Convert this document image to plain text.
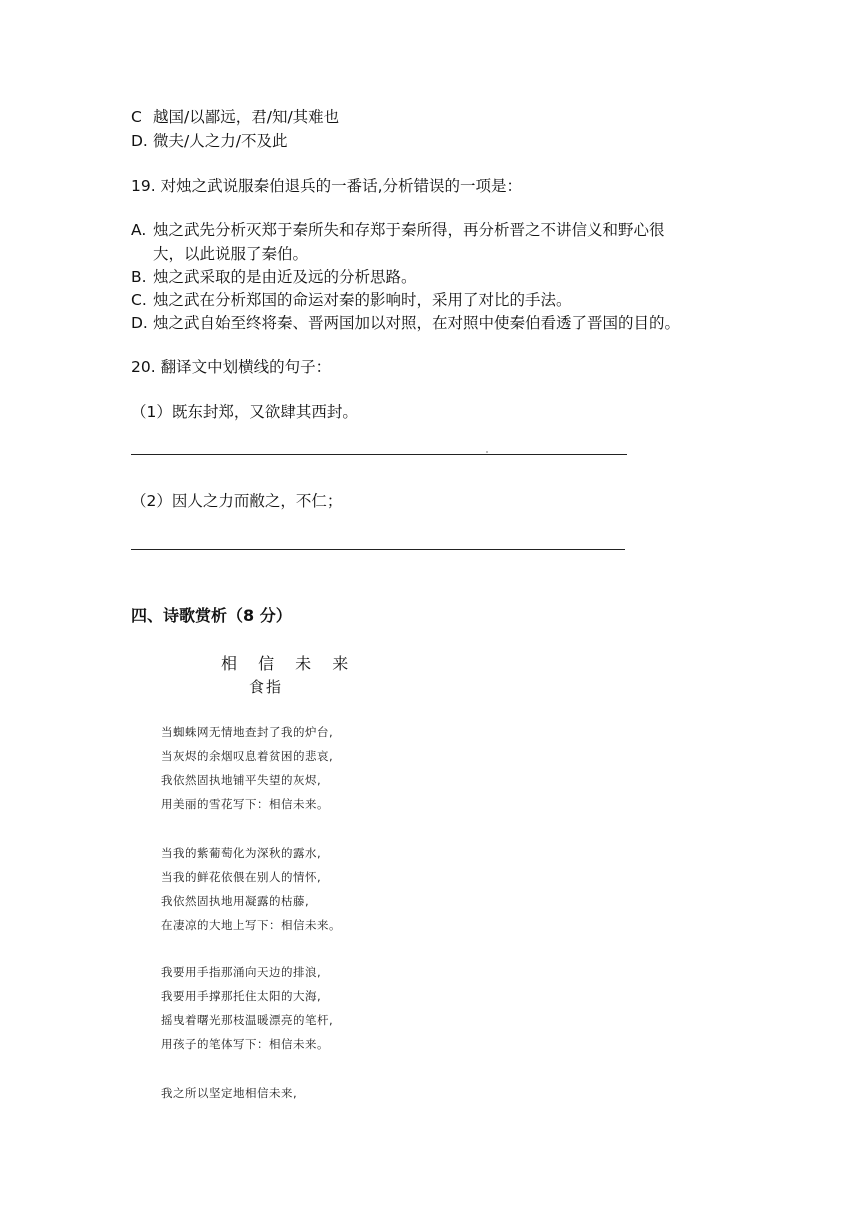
C 越国/以鄙远，君/知/其难也
D. 微夫/人之力/不及此
19. 对烛之武说服秦伯退兵的一番话,分析错误的一项是：
A. 烛之武先分析灭郑于秦所失和存郑于秦所得，再分析晋之不讲信义和野心很
大，以此说服了秦伯。
B. 烛之武采取的是由近及远的分析思路。
C. 烛之武在分析郑国的命运对秦的影响时，采用了对比的手法。
D. 烛之武自始至终将秦、晋两国加以对照，在对照中使秦伯看透了晋国的目的。
20. 翻译文中划横线的句子：
（1）既东封郑，又欲肆其西封。
（2）因人之力而敝之，不仁；
四、诗歌赏析（8 分）
相 信 未 来
食指
当蜘蛛网无情地查封了我的炉台,
当灰烬的余烟叹息着贫困的悲哀,
我依然固执地铺平失望的灰烬,
用美丽的雪花写下：相信未来。
当我的紫葡萄化为深秋的露水,
当我的鲜花依偎在别人的情怀,
我依然固执地用凝露的枯藤,
在凄凉的大地上写下：相信未来。
我要用手指那涌向天边的排浪,
我要用手撑那托住太阳的大海,
摇曳着曙光那枝温暖漂亮的笔杆,
用孩子的笔体写下：相信未来。
我之所以坚定地相信未来,
